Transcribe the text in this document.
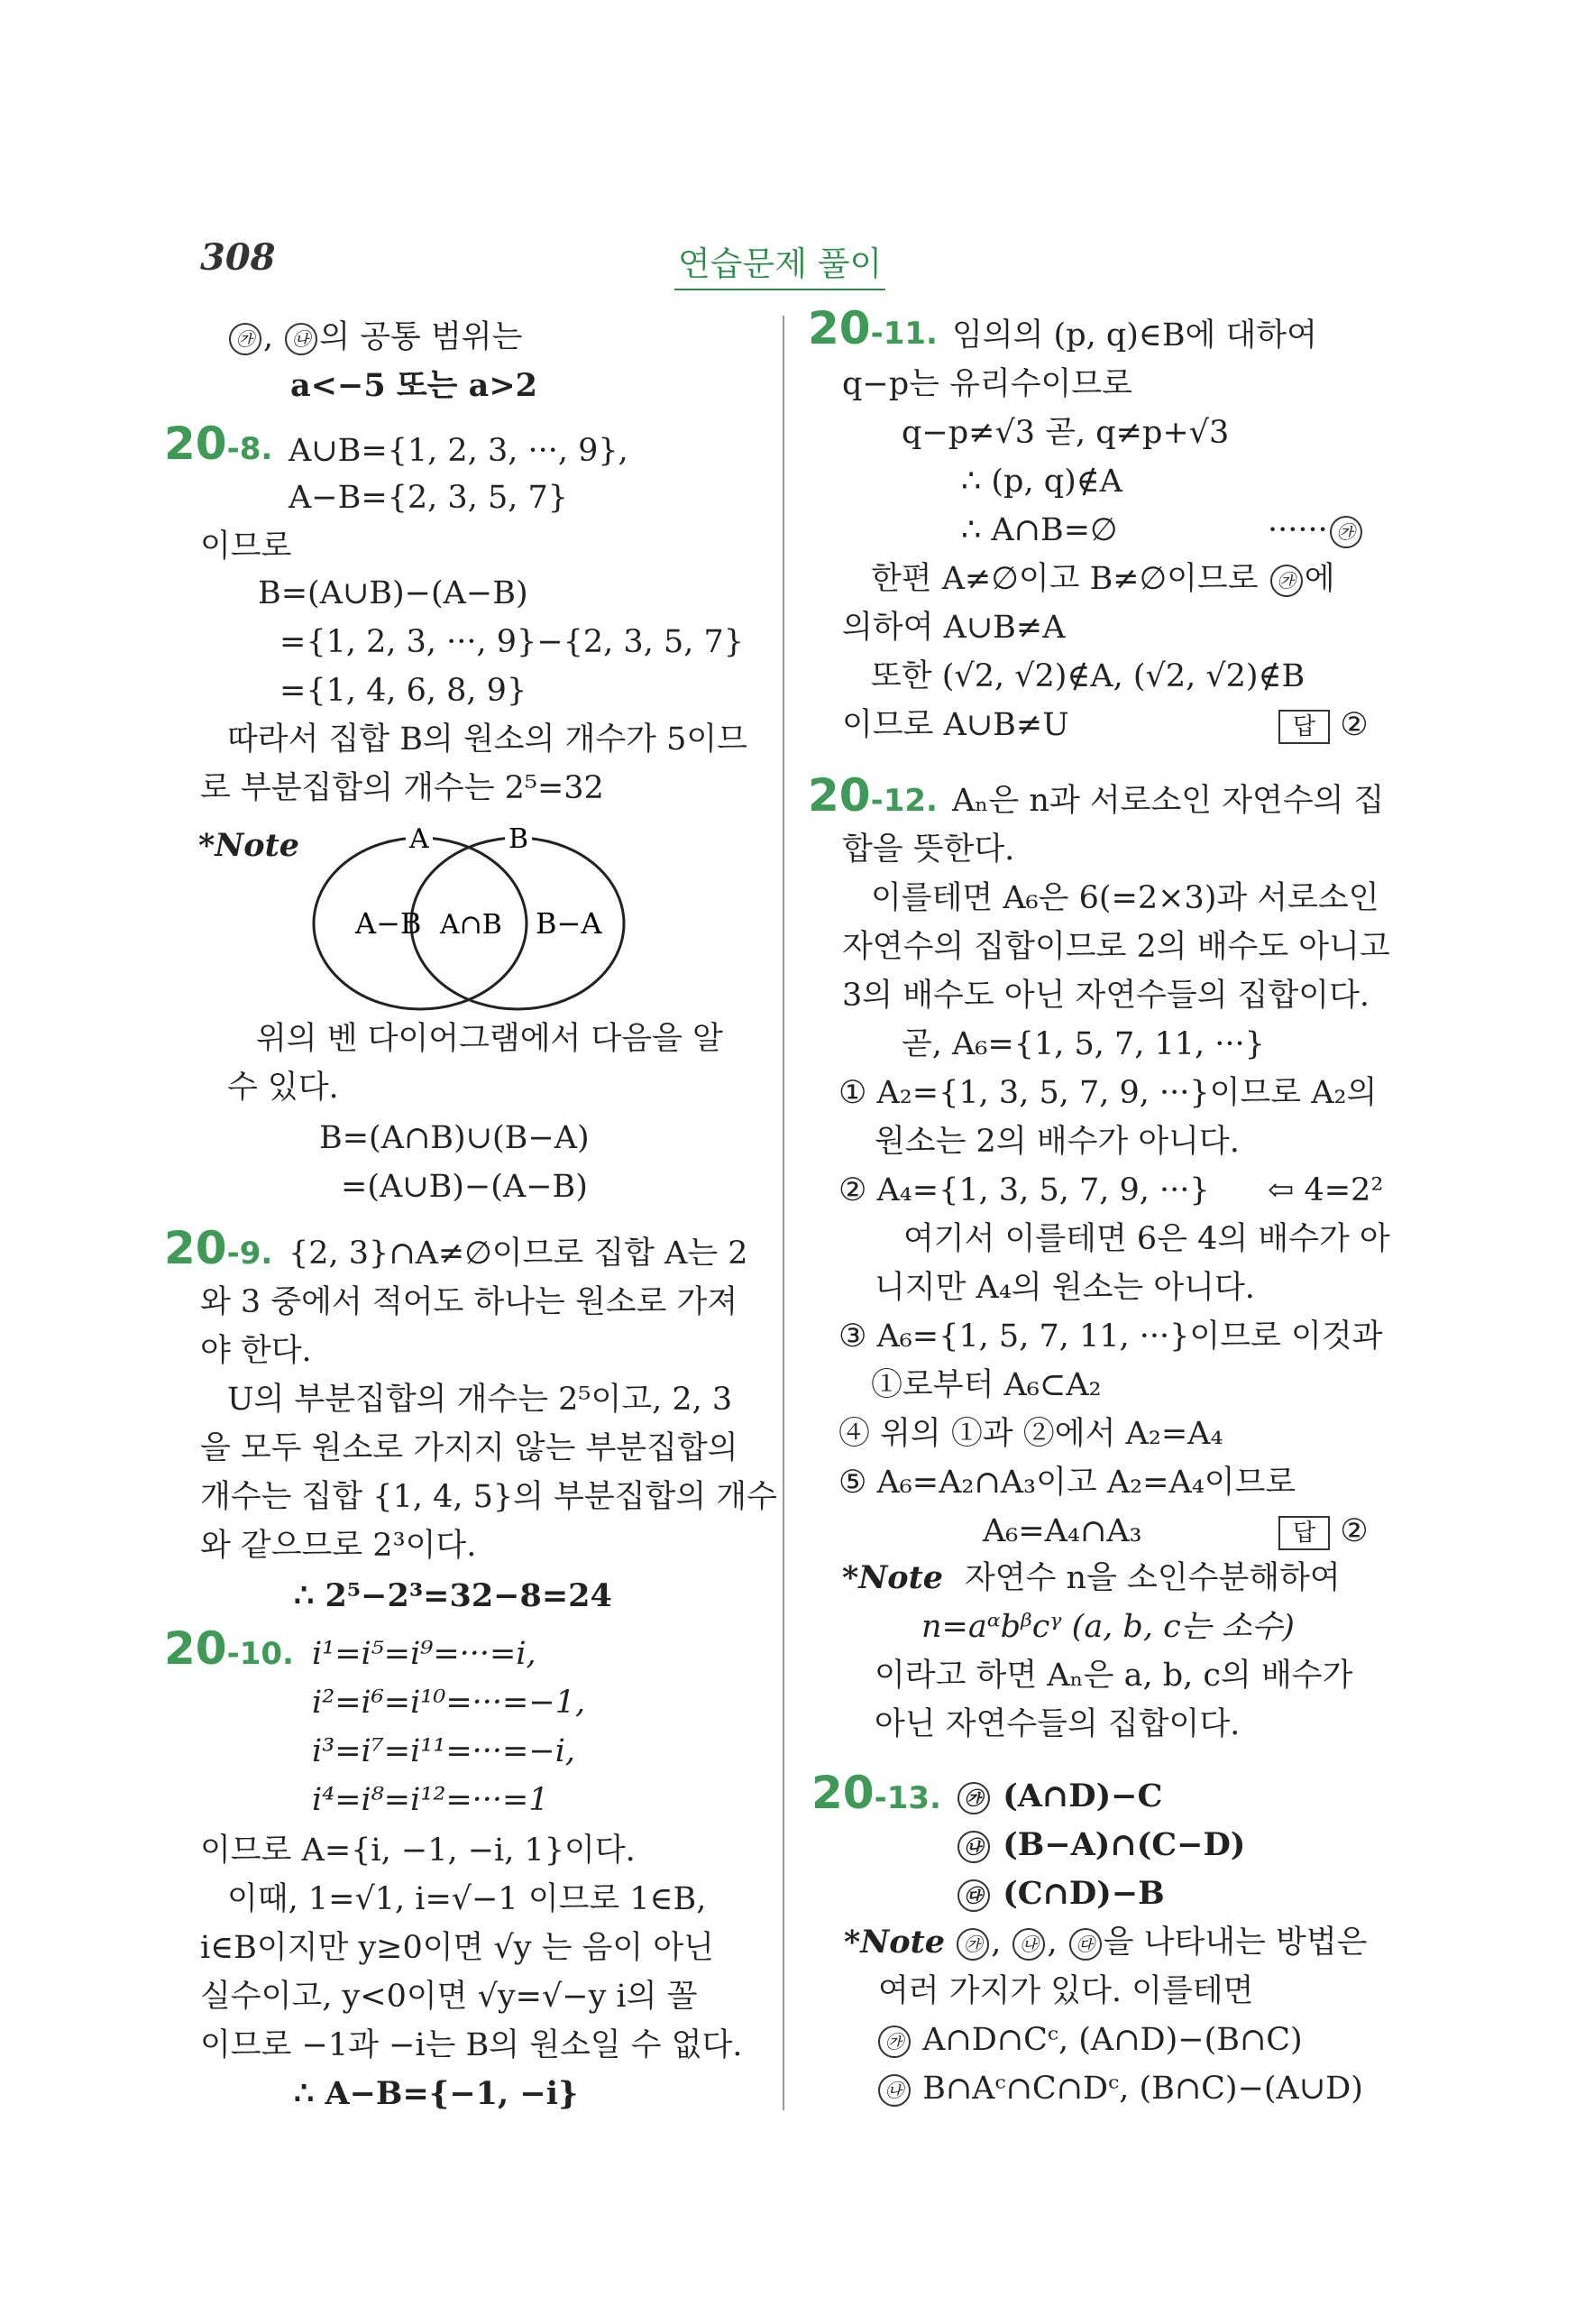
308	연습문제 풀이
㉮ , ㉯ 의 공통 범위는
a<−5 또는 a>2
20-8. A∪B={1, 2, 3, ···, 9},
A−B={2, 3, 5, 7}
이므로
B=(A∪B)−(A−B)
={1, 2, 3, ···, 9}−{2, 3, 5, 7}
={1, 4, 6, 8, 9}
따라서 집합 B의 원소의 개수가 5이므
로 부분집합의 개수는 2⁵=32
*Note	A	B
A−B A∩B B−A
위의 벤 다이어그램에서 다음을 알
수 있다.
B=(A∩B)∪(B−A)
=(A∪B)−(A−B)
20-9. {2, 3}∩A≠∅이므로 집합 A는 2
와 3 중에서 적어도 하나는 원소로 가져
야 한다.
U의 부분집합의 개수는 2⁵이고, 2, 3
을 모두 원소로 가지지 않는 부분집합의
개수는 집합 {1, 4, 5}의 부분집합의 개수
와 같으므로 2³이다.
∴ 2⁵−2³=32−8=24
20-10. i¹=i⁵=i⁹=···=i,
i²=i⁶=i¹⁰=···=−1,
i³=i⁷=i¹¹=···=−i,
i⁴=i⁸=i¹²=···=1
이므로 A={i, −1, −i, 1}이다.
이때, 1=√1, i=√−1 이므로 1∈B,
i∈B이지만 y≥0이면 √y 는 음이 아닌
실수이고, y<0이면 √y=√−y i의 꼴
이므로 −1과 −i는 B의 원소일 수 없다.
∴ A−B={−1, −i}
20-11. 임의의 (p, q)∈B에 대하여
q−p는 유리수이므로
q−p≠√3 곧, q≠p+√3
∴ (p, q)∉A
∴ A∩B=∅	······ ㉮
한편 A≠∅이고 B≠∅이므로 ㉮ 에
의하여 A∪B≠A
또한 (√2, √2)∉A, (√2, √2)∉B
이므로 A∪B≠U	답 ②
20-12. Aₙ은 n과 서로소인 자연수의 집
합을 뜻한다.
이를테면 A₆은 6(=2×3)과 서로소인
자연수의 집합이므로 2의 배수도 아니고
3의 배수도 아닌 자연수들의 집합이다.
곧, A₆={1, 5, 7, 11, ···}
① A₂={1, 3, 5, 7, 9, ···}이므로 A₂의
원소는 2의 배수가 아니다.
② A₄={1, 3, 5, 7, 9, ···} ⇦ 4=2²
여기서 이를테면 6은 4의 배수가 아
니지만 A₄의 원소는 아니다.
③ A₆={1, 5, 7, 11, ···}이므로 이것과
①로부터 A₆⊂A₂
④ 위의 ①과 ②에서 A₂=A₄
⑤ A₆=A₂∩A₃이고 A₂=A₄이므로
A₆=A₄∩A₃	답 ②
*Note 자연수 n을 소인수분해하여
n=aᵅbᵝcᵞ (a, b, c는 소수)
이라고 하면 Aₙ은 a, b, c의 배수가
아닌 자연수들의 집합이다.
20-13.	㉮ (A∩D)−C
㉯ (B−A)∩(C−D)
㉰ (C∩D)−B
*Note ㉮ , ㉯ , ㉰ 을 나타내는 방법은
여러 가지가 있다. 이를테면
㉮ A∩D∩Cᶜ, (A∩D)−(B∩C)
㉯ B∩Aᶜ∩C∩Dᶜ, (B∩C)−(A∪D)
